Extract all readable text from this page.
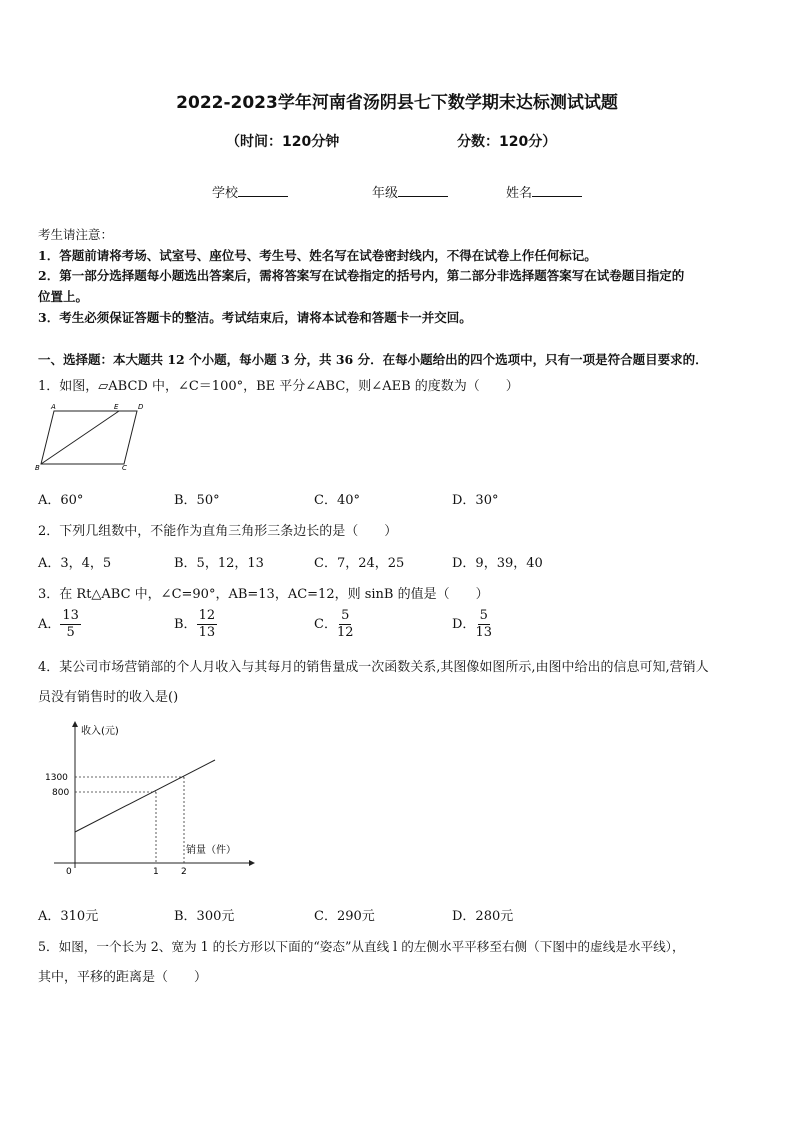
2022-2023学年河南省汤阴县七下数学期末达标测试试题
（时间：120分钟	分数：120分）
学校	年级	姓名
考生请注意：
1．答题前请将考场、试室号、座位号、考生号、姓名写在试卷密封线内，不得在试卷上作任何标记。
2．第一部分选择题每小题选出答案后，需将答案写在试卷指定的括号内，第二部分非选择题答案写在试卷题目指定的
位置上。
3．考生必须保证答题卡的整洁。考试结束后，请将本试卷和答题卡一并交回。
一、选择题：本大题共 12 个小题，每小题 3 分，共 36 分．在每小题给出的四个选项中，只有一项是符合题目要求的．
1．如图，▱ABCD 中，∠C＝100°，BE 平分∠ABC，则∠AEB 的度数为（　　）
A	E	D
B	C
A．60°	B．50°	C．40°	D．30°
2．下列几组数中，不能作为直角三角形三条边长的是（　　）
A．3，4，5	B．5，12，13	C．7，24，25	D．9，39，40
3．在 Rt△ABC 中，∠C=90°，AB=13，AC=12，则 sinB 的值是（　　）
A． $\frac{13}{5}$	B． $\frac{12}{13}$	C． $\frac{5}{12}$	D． $\frac{5}{13}$
4．某公司市场营销部的个人月收入与其每月的销售量成一次函数关系,其图像如图所示,由图中给出的信息可知,营销人
员没有销售时的收入是()
收入(元)
销量（件）
1300
800
0	1 2
A．310元	B．300元	C．290元	D．280元
5．如图，一个长为 2、宽为 1 的长方形以下面的“姿态”从直线 l 的左侧水平平移至右侧（下图中的虚线是水平线），
其中，平移的距离是（　　）
